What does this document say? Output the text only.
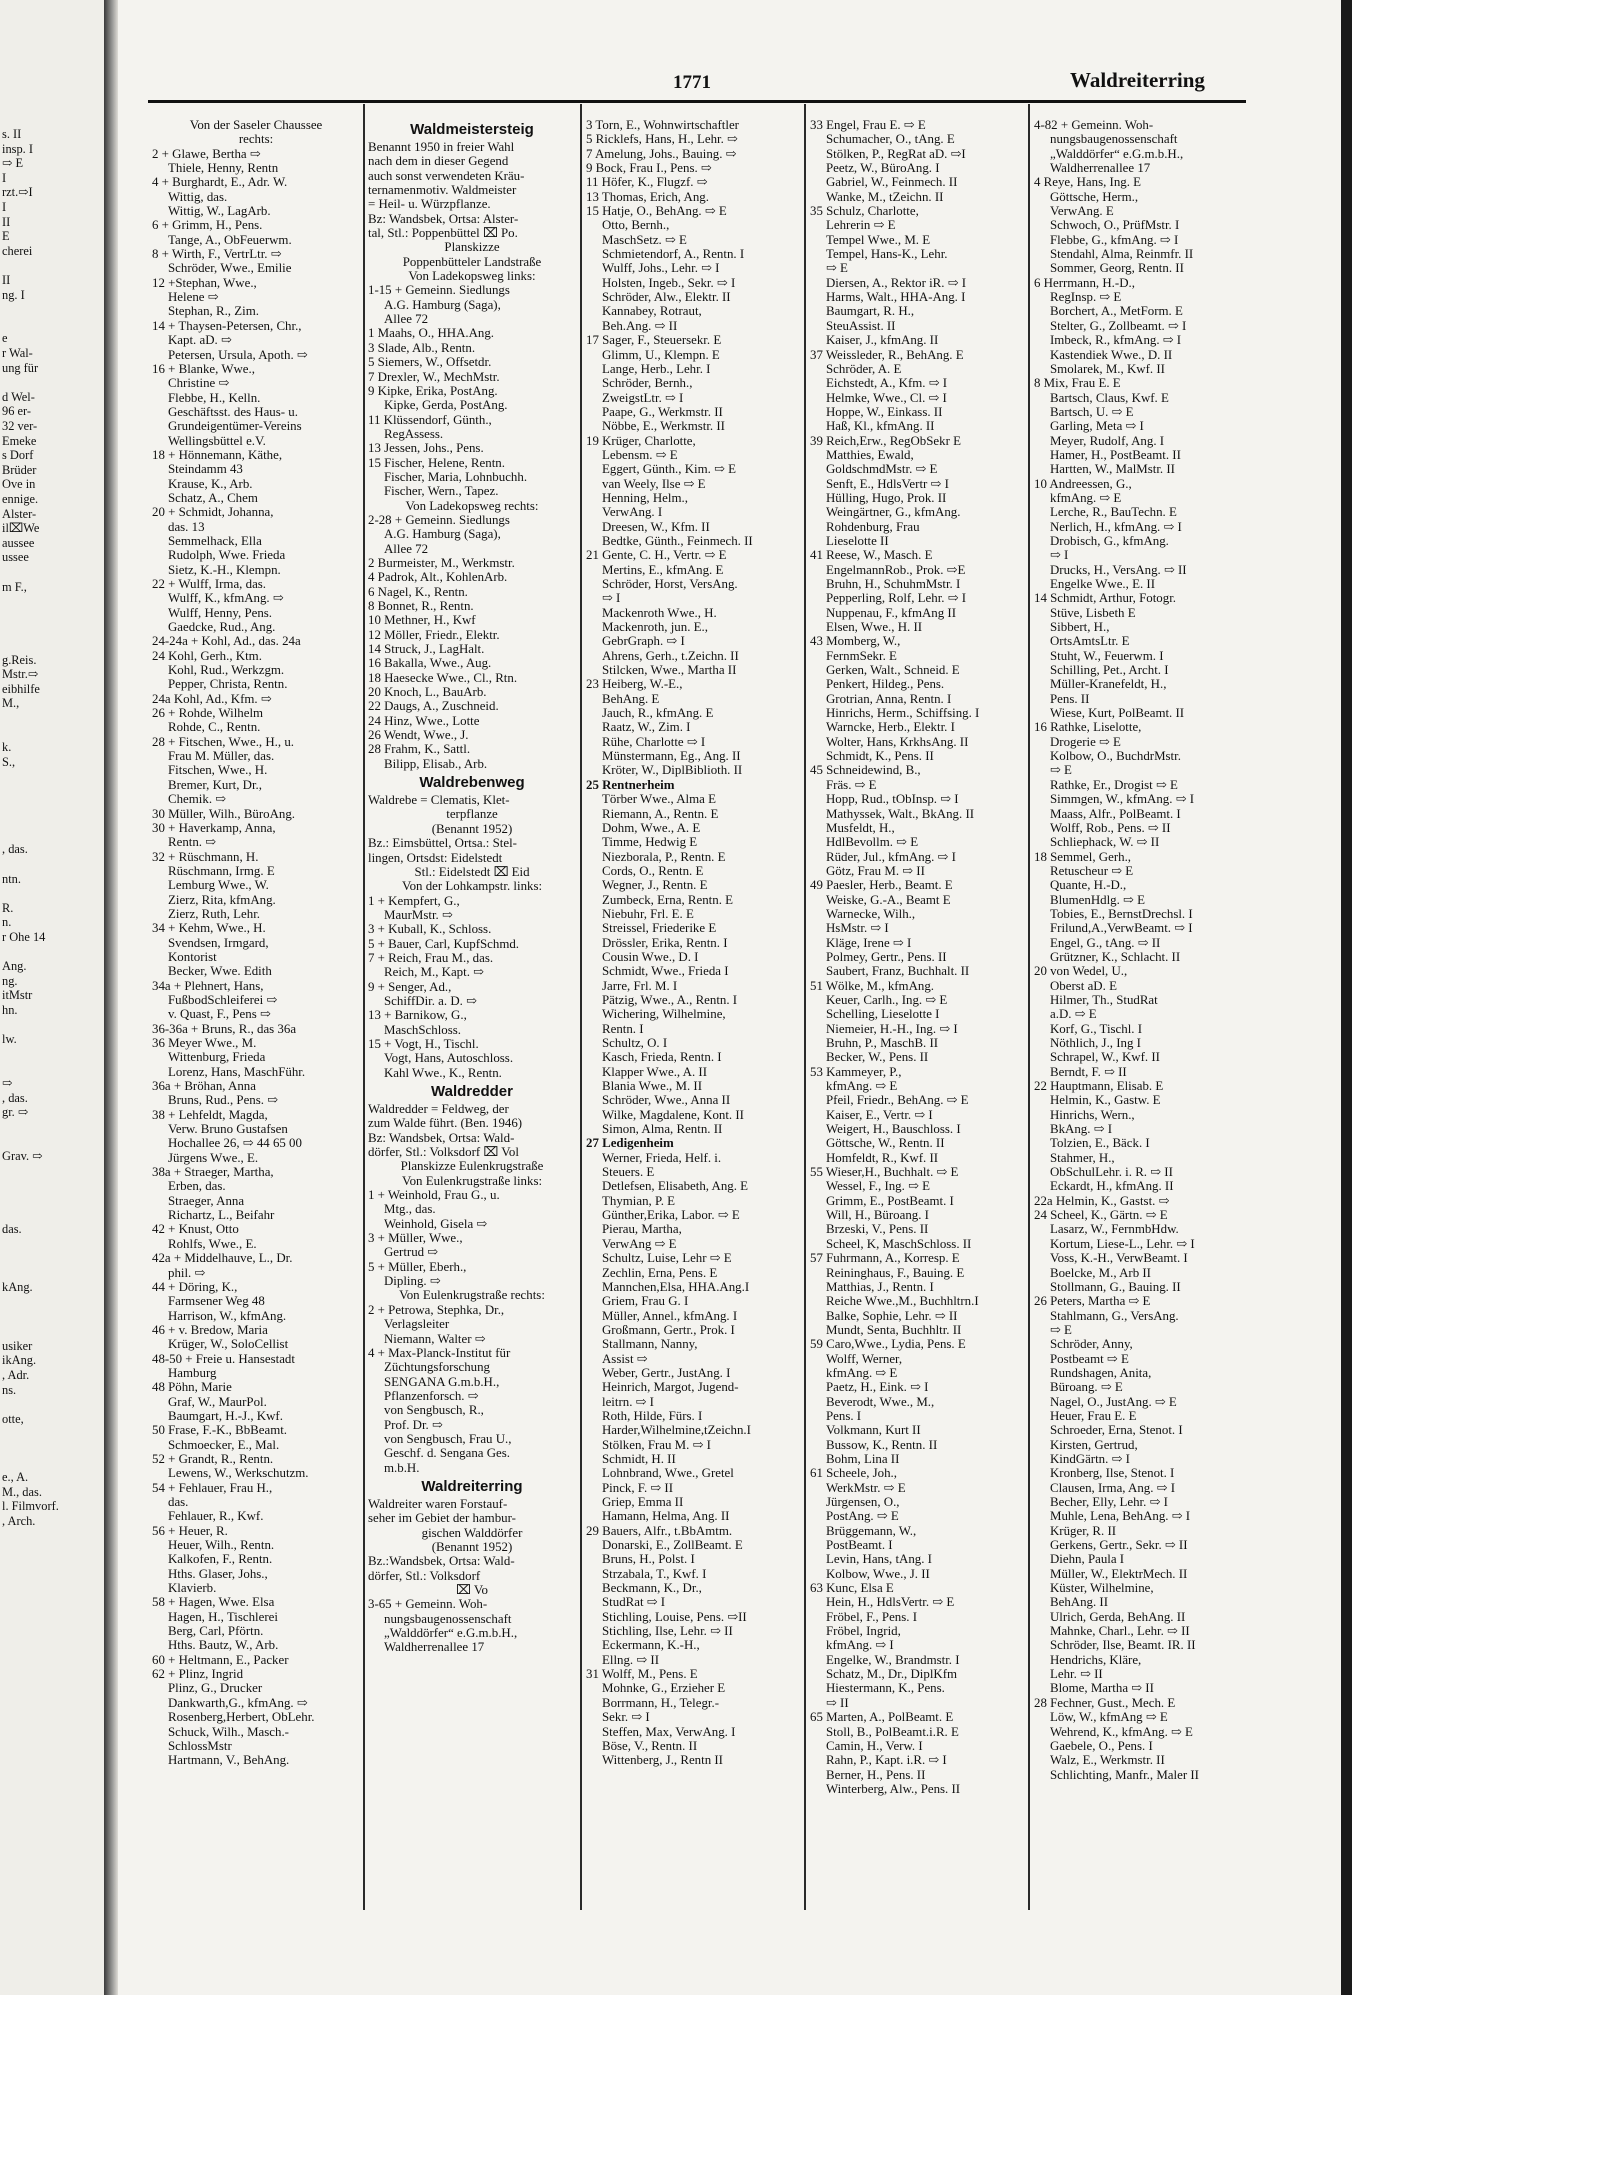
s. II
insp. I
⇨ E
I
rzt.⇨I
I
II
E
cherei
II
ng. I
e
r Wal-
ung für
d Wel-
96 er-
32 ver-
Emeke
s Dorf
Brüder
Ove in
ennige.
Alster-
il⌧We
aussee
ussee
m F.,
g.Reis.
Mstr.⇨
eibhilfe
M.,
k.
S.,
, das.
ntn.
R.
n.
r Ohe 14
Ang.
ng.
itMstr
hn.
lw.
⇨
, das.
gr. ⇨
Grav. ⇨
das.
kAng.
usiker
ikAng.
, Adr.
ns.
otte,
e., A.
M., das.
l. Filmvorf.
, Arch.
1771	Waldreiterring
Von der Saseler Chaussee
rechts:
2 + Glawe, Bertha ⇨
Thiele, Henny, Rentn
4 + Burghardt, E., Adr. W.
Wittig, das.
Wittig, W., LagArb.
6 + Grimm, H., Pens.
Tange, A., ObFeuerwm.
8 + Wirth, F., VertrLtr. ⇨
Schröder, Wwe., Emilie
12 +Stephan, Wwe.,
Helene ⇨
Stephan, R., Zim.
14 + Thaysen-Petersen, Chr.,
Kapt. aD. ⇨
Petersen, Ursula, Apoth. ⇨
16 + Blanke, Wwe.,
Christine ⇨
Flebbe, H., Kelln.
Geschäftsst. des Haus- u.
Grundeigentümer-Vereins
Wellingsbüttel e.V.
18 + Hönnemann, Käthe,
Steindamm 43
Krause, K., Arb.
Schatz, A., Chem
20 + Schmidt, Johanna,
das. 13
Semmelhack, Ella
Rudolph, Wwe. Frieda
Sietz, K.-H., Klempn.
22 + Wulff, Irma, das.
Wulff, K., kfmAng. ⇨
Wulff, Henny, Pens.
Gaedcke, Rud., Ang.
24-24a + Kohl, Ad., das. 24a
24 Kohl, Gerh., Ktm.
Kohl, Rud., Werkzgm.
Pepper, Christa, Rentn.
24a Kohl, Ad., Kfm. ⇨
26 + Rohde, Wilhelm
Rohde, C., Rentn.
28 + Fitschen, Wwe., H., u.
Frau M. Müller, das.
Fitschen, Wwe., H.
Bremer, Kurt, Dr.,
Chemik. ⇨
30 Müller, Wilh., BüroAng.
30 + Haverkamp, Anna,
Rentn. ⇨
32 + Rüschmann, H.
Rüschmann, Irmg. E
Lemburg Wwe., W.
Zierz, Rita, kfmAng.
Zierz, Ruth, Lehr.
34 + Kehm, Wwe., H.
Svendsen, Irmgard,
Kontorist
Becker, Wwe. Edith
34a + Plehnert, Hans,
FußbodSchleiferei ⇨
v. Quast, F., Pens ⇨
36-36a + Bruns, R., das 36a
36 Meyer Wwe., M.
Wittenburg, Frieda
Lorenz, Hans, MaschFühr.
36a + Bröhan, Anna
Bruns, Rud., Pens. ⇨
38 + Lehfeldt, Magda,
Verw. Bruno Gustafsen
Hochallee 26, ⇨ 44 65 00
Jürgens Wwe., E.
38a + Straeger, Martha,
Erben, das.
Straeger, Anna
Richartz, L., Beifahr
42 + Knust, Otto
Rohlfs, Wwe., E.
42a + Middelhauve, L., Dr.
phil. ⇨
44 + Döring, K.,
Farmsener Weg 48
Harrison, W., kfmAng.
46 + v. Bredow, Maria
Krüger, W., SoloCellist
48-50 + Freie u. Hansestadt
Hamburg
48 Pöhn, Marie
Graf, W., MaurPol.
Baumgart, H.-J., Kwf.
50 Frase, F.-K., BbBeamt.
Schmoecker, E., Mal.
52 + Grandt, R., Rentn.
Lewens, W., Werkschutzm.
54 + Fehlauer, Frau H.,
das.
Fehlauer, R., Kwf.
56 + Heuer, R.
Heuer, Wilh., Rentn.
Kalkofen, F., Rentn.
Hths. Glaser, Johs.,
Klavierb.
58 + Hagen, Wwe. Elsa
Hagen, H., Tischlerei
Berg, Carl, Pförtn.
Hths. Bautz, W., Arb.
60 + Heltmann, E., Packer
62 + Plinz, Ingrid
Plinz, G., Drucker
Dankwarth,G., kfmAng. ⇨
Rosenberg,Herbert, ObLehr.
Schuck, Wilh., Masch.-
SchlossMstr
Hartmann, V., BehAng.
Waldmeistersteig
Benannt 1950 in freier Wahl
nach dem in dieser Gegend
auch sonst verwendeten Kräu-
ternamenmotiv. Waldmeister
= Heil- u. Würzpflanze.
Bz: Wandsbek, Ortsa: Alster-
tal, Stl.: Poppenbüttel ⌧ Po.
Planskizze
Poppenbütteler Landstraße
Von Ladekopsweg links:
1-15 + Gemeinn. Siedlungs
A.G. Hamburg (Saga),
Allee 72
1 Maahs, O., HHA.Ang.
3 Slade, Alb., Rentn.
5 Siemers, W., Offsetdr.
7 Drexler, W., MechMstr.
9 Kipke, Erika, PostAng.
Kipke, Gerda, PostAng.
11 Klüssendorf, Günth.,
RegAssess.
13 Jessen, Johs., Pens.
15 Fischer, Helene, Rentn.
Fischer, Maria, Lohnbuchh.
Fischer, Wern., Tapez.
Von Ladekopsweg rechts:
2-28 + Gemeinn. Siedlungs
A.G. Hamburg (Saga),
Allee 72
2 Burmeister, M., Werkmstr.
4 Padrok, Alt., KohlenArb.
6 Nagel, K., Rentn.
8 Bonnet, R., Rentn.
10 Methner, H., Kwf
12 Möller, Friedr., Elektr.
14 Struck, J., LagHalt.
16 Bakalla, Wwe., Aug.
18 Haesecke Wwe., Cl., Rtn.
20 Knoch, L., BauArb.
22 Daugs, A., Zuschneid.
24 Hinz, Wwe., Lotte
26 Wendt, Wwe., J.
28 Frahm, K., Sattl.
Bilipp, Elisab., Arb.
Waldrebenweg
Waldrebe = Clematis, Klet-
terpflanze
(Benannt 1952)
Bz.: Eimsbüttel, Ortsa.: Stel-
lingen, Ortsdst: Eidelstedt
Stl.: Eidelstedt ⌧ Eid
Von der Lohkampstr. links:
1 + Kempfert, G.,
MaurMstr. ⇨
3 + Kuball, K., Schloss.
5 + Bauer, Carl, KupfSchmd.
7 + Reich, Frau M., das.
Reich, M., Kapt. ⇨
9 + Senger, Ad.,
SchiffDir. a. D. ⇨
13 + Barnikow, G.,
MaschSchloss.
15 + Vogt, H., Tischl.
Vogt, Hans, Autoschloss.
Kahl Wwe., K., Rentn.
Waldredder
Waldredder = Feldweg, der
zum Walde führt. (Ben. 1946)
Bz: Wandsbek, Ortsa: Wald-
dörfer, Stl.: Volksdorf ⌧ Vol
Planskizze Eulenkrugstraße
Von Eulenkrugstraße links:
1 + Weinhold, Frau G., u.
Mtg., das.
Weinhold, Gisela ⇨
3 + Müller, Wwe.,
Gertrud ⇨
5 + Müller, Eberh.,
Dipling. ⇨
Von Eulenkrugstraße rechts:
2 + Petrowa, Stephka, Dr.,
Verlagsleiter
Niemann, Walter ⇨
4 + Max-Planck-Institut für
Züchtungsforschung
SENGANA G.m.b.H.,
Pflanzenforsch. ⇨
von Sengbusch, R.,
Prof. Dr. ⇨
von Sengbusch, Frau U.,
Geschf. d. Sengana Ges.
m.b.H.
Waldreiterring
Waldreiter waren Forstauf-
seher im Gebiet der hambur-
gischen Walddörfer
(Benannt 1952)
Bz.:Wandsbek, Ortsa: Wald-
dörfer, Stl.: Volksdorf
⌧ Vo
3-65 + Gemeinn. Woh-
nungsbaugenossenschaft
„Walddörfer“ e.G.m.b.H.,
Waldherrenallee 17
3 Torn, E., Wohnwirtschaftler
5 Ricklefs, Hans, H., Lehr. ⇨
7 Amelung, Johs., Bauing. ⇨
9 Bock, Frau I., Pens. ⇨
11 Höfer, K., Flugzf. ⇨
13 Thomas, Erich, Ang.
15 Hatje, O., BehAng. ⇨ E
Otto, Bernh.,
MaschSetz. ⇨ E
Schmietendorf, A., Rentn. I
Wulff, Johs., Lehr. ⇨ I
Holsten, Ingeb., Sekr. ⇨ I
Schröder, Alw., Elektr. II
Kannabey, Rotraut,
Beh.Ang. ⇨ II
17 Sager, F., Steuersekr. E
Glimm, U., Klempn. E
Lange, Herb., Lehr. I
Schröder, Bernh.,
ZweigstLtr. ⇨ I
Paape, G., Werkmstr. II
Nöbbe, E., Werkmstr. II
19 Krüger, Charlotte,
Lebensm. ⇨ E
Eggert, Günth., Kim. ⇨ E
van Weely, Ilse ⇨ E
Henning, Helm.,
VerwAng. I
Dreesen, W., Kfm. II
Bedtke, Günth., Feinmech. II
21 Gente, C. H., Vertr. ⇨ E
Mertins, E., kfmAng. E
Schröder, Horst, VersAng.
⇨ I
Mackenroth Wwe., H.
Mackenroth, jun. E.,
GebrGraph. ⇨ I
Ahrens, Gerh., t.Zeichn. II
Stilcken, Wwe., Martha II
23 Heiberg, W.-E.,
BehAng. E
Jauch, R., kfmAng. E
Raatz, W., Zim. I
Rühe, Charlotte ⇨ I
Münstermann, Eg., Ang. II
Kröter, W., DiplBiblioth. II
25 Rentnerheim
Törber Wwe., Alma E
Riemann, A., Rentn. E
Dohm, Wwe., A. E
Timme, Hedwig E
Niezborala, P., Rentn. E
Cords, O., Rentn. E
Wegner, J., Rentn. E
Zumbeck, Erna, Rentn. E
Niebuhr, Frl. E. E
Streissel, Friederike E
Drössler, Erika, Rentn. I
Cousin Wwe., D. I
Schmidt, Wwe., Frieda I
Jarre, Frl. M. I
Pätzig, Wwe., A., Rentn. I
Wichering, Wilhelmine,
Rentn. I
Schultz, O. I
Kasch, Frieda, Rentn. I
Klapper Wwe., A. II
Blania Wwe., M. II
Schröder, Wwe., Anna II
Wilke, Magdalene, Kont. II
Simon, Alma, Rentn. II
27 Ledigenheim
Werner, Frieda, Helf. i.
Steuers. E
Detlefsen, Elisabeth, Ang. E
Thymian, P. E
Günther,Erika, Labor. ⇨ E
Pierau, Martha,
VerwAng ⇨ E
Schultz, Luise, Lehr ⇨ E
Zechlin, Erna, Pens. E
Mannchen,Elsa, HHA.Ang.I
Griem, Frau G. I
Müller, Annel., kfmAng. I
Großmann, Gertr., Prok. I
Stallmann, Nanny,
Assist ⇨
Weber, Gertr., JustAng. I
Heinrich, Margot, Jugend-
leitrn. ⇨ I
Roth, Hilde, Fürs. I
Harder,Wilhelmine,tZeichn.I
Stölken, Frau M. ⇨ I
Schmidt, H. II
Lohnbrand, Wwe., Gretel
Pinck, F. ⇨ II
Griep, Emma II
Hamann, Helma, Ang. II
29 Bauers, Alfr., t.BbAmtm.
Donarski, E., ZollBeamt. E
Bruns, H., Polst. I
Strzabala, T., Kwf. I
Beckmann, K., Dr.,
StudRat ⇨ I
Stichling, Louise, Pens. ⇨II
Stichling, Ilse, Lehr. ⇨ II
Eckermann, K.-H.,
Ellng. ⇨ II
31 Wolff, M., Pens. E
Mohnke, G., Erzieher E
Borrmann, H., Telegr.-
Sekr. ⇨ I
Steffen, Max, VerwAng. I
Böse, V., Rentn. II
Wittenberg, J., Rentn II
33 Engel, Frau E. ⇨ E
Schumacher, O., tAng. E
Stölken, P., RegRat aD. ⇨I
Peetz, W., BüroAng. I
Gabriel, W., Feinmech. II
Wanke, M., tZeichn. II
35 Schulz, Charlotte,
Lehrerin ⇨ E
Tempel Wwe., M. E
Tempel, Hans-K., Lehr.
⇨ E
Diersen, A., Rektor iR. ⇨ I
Harms, Walt., HHA-Ang. I
Baumgart, R. H.,
SteuAssist. II
Kaiser, J., kfmAng. II
37 Weissleder, R., BehAng. E
Schröder, A. E
Eichstedt, A., Kfm. ⇨ I
Helmke, Wwe., Cl. ⇨ I
Hoppe, W., Einkass. II
Haß, Kl., kfmAng. II
39 Reich,Erw., RegObSekr E
Matthies, Ewald,
GoldschmdMstr. ⇨ E
Senft, E., HdlsVertr ⇨ I
Hülling, Hugo, Prok. II
Weingärtner, G., kfmAng.
Rohdenburg, Frau
Lieselotte II
41 Reese, W., Masch. E
EngelmannRob., Prok. ⇨E
Bruhn, H., SchuhmMstr. I
Pepperling, Rolf, Lehr. ⇨ I
Nuppenau, F., kfmAng II
Elsen, Wwe., H. II
43 Momberg, W.,
FernmSekr. E
Gerken, Walt., Schneid. E
Penkert, Hildeg., Pens.
Grotrian, Anna, Rentn. I
Hinrichs, Herm., Schiffsing. I
Warncke, Herb., Elektr. I
Wolter, Hans, KrkhsAng. II
Schmidt, K., Pens. II
45 Schneidewind, B.,
Fräs. ⇨ E
Hopp, Rud., tObInsp. ⇨ I
Mathyssek, Walt., BkAng. II
Musfeldt, H.,
HdlBevollm. ⇨ E
Rüder, Jul., kfmAng. ⇨ I
Götz, Frau M. ⇨ II
49 Paesler, Herb., Beamt. E
Weiske, G.-A., Beamt E
Warnecke, Wilh.,
HsMstr. ⇨ I
Kläge, Irene ⇨ I
Polmey, Gertr., Pens. II
Saubert, Franz, Buchhalt. II
51 Wölke, M., kfmAng.
Keuer, Carlh., Ing. ⇨ E
Schelling, Lieselotte I
Niemeier, H.-H., Ing. ⇨ I
Bruhn, P., MaschB. II
Becker, W., Pens. II
53 Kammeyer, P.,
kfmAng. ⇨ E
Pfeil, Friedr., BehAng. ⇨ E
Kaiser, E., Vertr. ⇨ I
Weigert, H., Bauschloss. I
Göttsche, W., Rentn. II
Homfeldt, R., Kwf. II
55 Wieser,H., Buchhalt. ⇨ E
Wessel, F., Ing. ⇨ E
Grimm, E., PostBeamt. I
Will, H., Büroang. I
Brzeski, V., Pens. II
Scheel, K, MaschSchloss. II
57 Fuhrmann, A., Korresp. E
Reininghaus, F., Bauing. E
Matthias, J., Rentn. I
Reiche Wwe.,M., Buchhltrn.I
Balke, Sophie, Lehr. ⇨ II
Mundt, Senta, Buchhltr. II
59 Caro,Wwe., Lydia, Pens. E
Wolff, Werner,
kfmAng. ⇨ E
Paetz, H., Eink. ⇨ I
Beverodt, Wwe., M.,
Pens. I
Volkmann, Kurt II
Bussow, K., Rentn. II
Bohm, Lina II
61 Scheele, Joh.,
WerkMstr. ⇨ E
Jürgensen, O.,
PostAng. ⇨ E
Brüggemann, W.,
PostBeamt. I
Levin, Hans, tAng. I
Kolbow, Wwe., J. II
63 Kunc, Elsa E
Hein, H., HdlsVertr. ⇨ E
Fröbel, F., Pens. I
Fröbel, Ingrid,
kfmAng. ⇨ I
Engelke, W., Brandmstr. I
Schatz, M., Dr., DiplKfm
Hiestermann, K., Pens.
⇨ II
65 Marten, A., PolBeamt. E
Stoll, B., PolBeamt.i.R. E
Camin, H., Verw. I
Rahn, P., Kapt. i.R. ⇨ I
Berner, H., Pens. II
Winterberg, Alw., Pens. II
4-82 + Gemeinn. Woh-
nungsbaugenossenschaft
„Walddörfer“ e.G.m.b.H.,
Waldherrenallee 17
4 Reye, Hans, Ing. E
Göttsche, Herm.,
VerwAng. E
Schwoch, O., PrüfMstr. I
Flebbe, G., kfmAng. ⇨ I
Stendahl, Alma, Reinmfr. II
Sommer, Georg, Rentn. II
6 Herrmann, H.-D.,
RegInsp. ⇨ E
Borchert, A., MetForm. E
Stelter, G., Zollbeamt. ⇨ I
Imbeck, R., kfmAng. ⇨ I
Kastendiek Wwe., D. II
Smolarek, M., Kwf. II
8 Mix, Frau E. E
Bartsch, Claus, Kwf. E
Bartsch, U. ⇨ E
Garling, Meta ⇨ I
Meyer, Rudolf, Ang. I
Hamer, H., PostBeamt. II
Hartten, W., MalMstr. II
10 Andreessen, G.,
kfmAng. ⇨ E
Lerche, R., BauTechn. E
Nerlich, H., kfmAng. ⇨ I
Drobisch, G., kfmAng.
⇨ I
Drucks, H., VersAng. ⇨ II
Engelke Wwe., E. II
14 Schmidt, Arthur, Fotogr.
Stüve, Lisbeth E
Sibbert, H.,
OrtsAmtsLtr. E
Stuht, W., Feuerwm. I
Schilling, Pet., Archt. I
Müller-Kranefeldt, H.,
Pens. II
Wiese, Kurt, PolBeamt. II
16 Rathke, Liselotte,
Drogerie ⇨ E
Kolbow, O., BuchdrMstr.
⇨ E
Rathke, Er., Drogist ⇨ E
Simmgen, W., kfmAng. ⇨ I
Maass, Alfr., PolBeamt. I
Wolff, Rob., Pens. ⇨ II
Schliephack, W. ⇨ II
18 Semmel, Gerh.,
Retuscheur ⇨ E
Quante, H.-D.,
BlumenHdlg. ⇨ E
Tobies, E., BernstDrechsl. I
Frilund,A.,VerwBeamt. ⇨ I
Engel, G., tAng. ⇨ II
Grützner, K., Schlacht. II
20 von Wedel, U.,
Oberst aD. E
Hilmer, Th., StudRat
a.D. ⇨ E
Korf, G., Tischl. I
Nöthlich, J., Ing I
Schrapel, W., Kwf. II
Berndt, F. ⇨ II
22 Hauptmann, Elisab. E
Helmin, K., Gastw. E
Hinrichs, Wern.,
BkAng. ⇨ I
Tolzien, E., Bäck. I
Stahmer, H.,
ObSchulLehr. i. R. ⇨ II
Eckardt, H., kfmAng. II
22a Helmin, K., Gastst. ⇨
24 Scheel, K., Gärtn. ⇨ E
Lasarz, W., FernmbHdw.
Kortum, Liese-L., Lehr. ⇨ I
Voss, K.-H., VerwBeamt. I
Boelcke, M., Arb II
Stollmann, G., Bauing. II
26 Peters, Martha ⇨ E
Stahlmann, G., VersAng.
⇨ E
Schröder, Anny,
Postbeamt ⇨ E
Rundshagen, Anita,
Büroang. ⇨ E
Nagel, O., JustAng. ⇨ E
Heuer, Frau E. E
Schroeder, Erna, Stenot. I
Kirsten, Gertrud,
KindGärtn. ⇨ I
Kronberg, Ilse, Stenot. I
Clausen, Irma, Ang. ⇨ I
Becher, Elly, Lehr. ⇨ I
Muhle, Lena, BehAng. ⇨ I
Krüger, R. II
Gerkens, Gertr., Sekr. ⇨ II
Diehn, Paula I
Müller, W., ElektrMech. II
Küster, Wilhelmine,
BehAng. II
Ulrich, Gerda, BehAng. II
Mahnke, Charl., Lehr. ⇨ II
Schröder, Ilse, Beamt. IR. II
Hendrichs, Kläre,
Lehr. ⇨ II
Blome, Martha ⇨ II
28 Fechner, Gust., Mech. E
Löw, W., kfmAng ⇨ E
Wehrend, K., kfmAng. ⇨ E
Gaebele, O., Pens. I
Walz, E., Werkmstr. II
Schlichting, Manfr., Maler II
